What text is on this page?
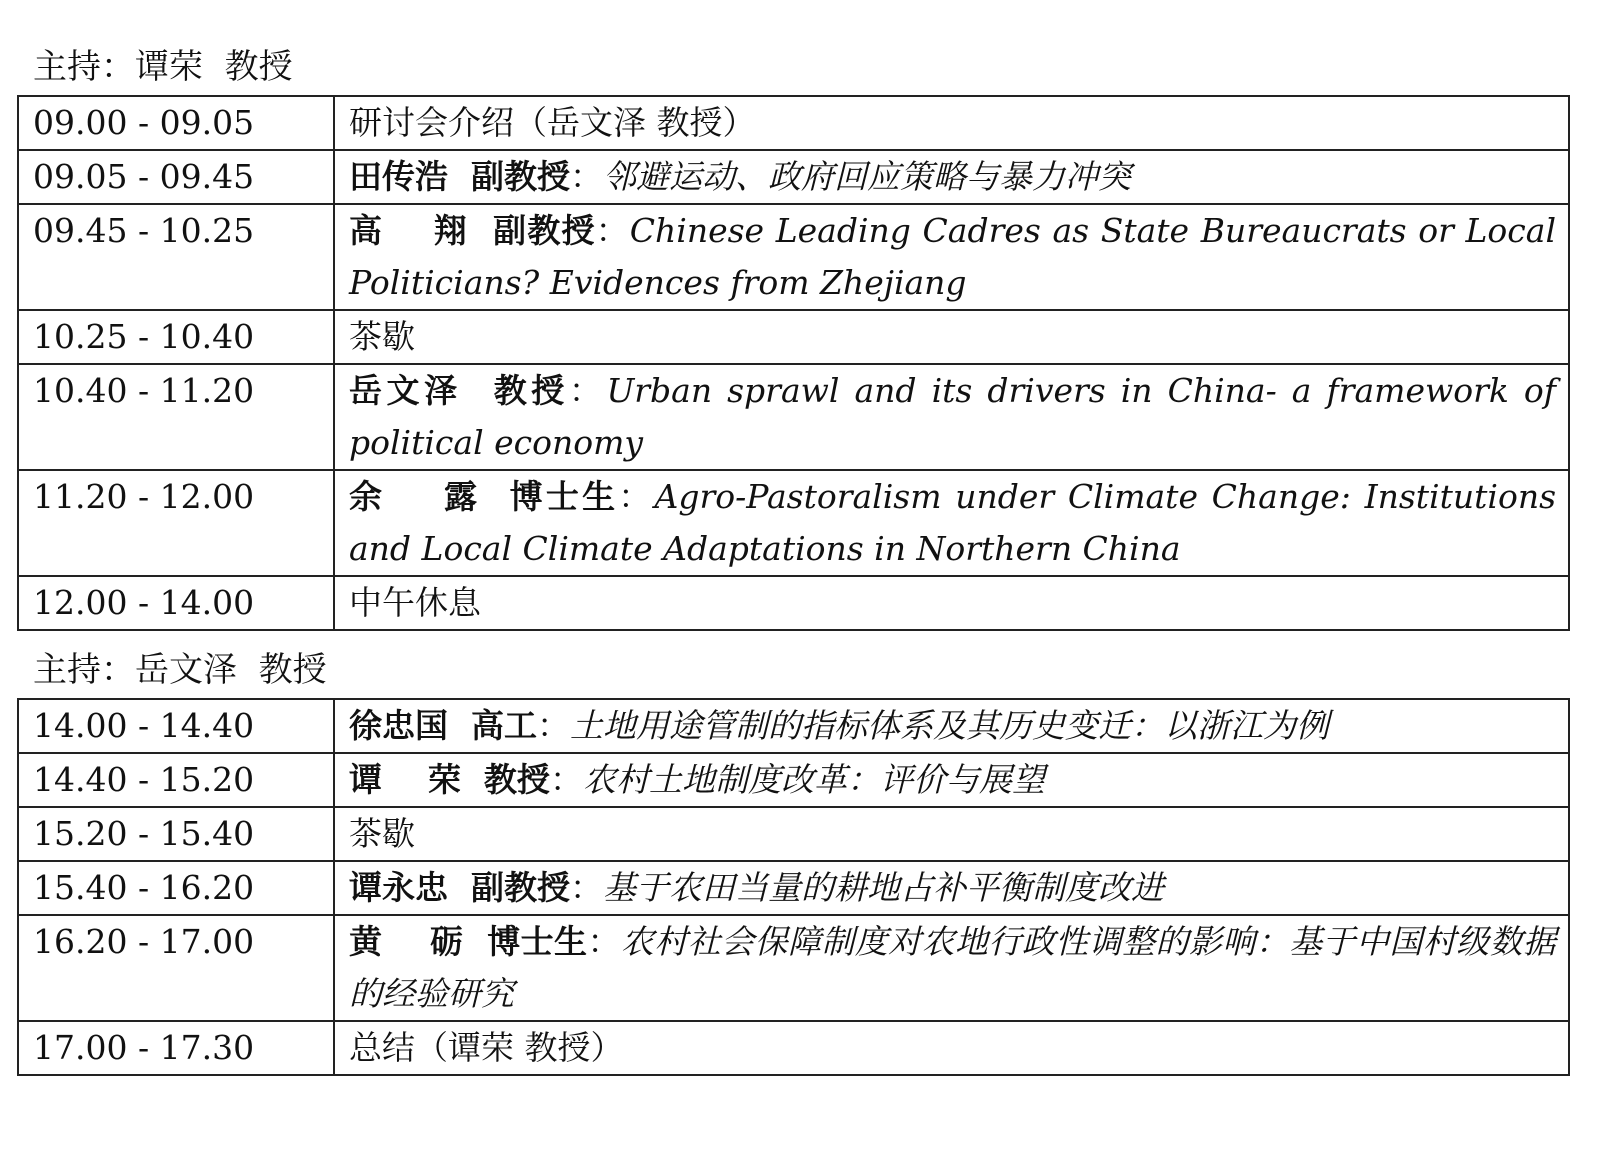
主持：谭荣  教授
09.00 - 09.05	研讨会介绍（岳文泽 教授）
09.05 - 09.45	田传浩  副教授：邻避运动、政府回应策略与暴力冲突
09.45 - 10.25	高    翔  副教授：Chinese Leading Cadres as State Bureaucrats or Local Politicians? Evidences from Zhejiang
10.25 - 10.40	茶歇
10.40 - 11.20	岳文泽  教授：Urban sprawl and its drivers in China- a framework of political economy
11.20 - 12.00	余    露  博士生：Agro-Pastoralism under Climate Change: Institutions and Local Climate Adaptations in Northern China
12.00 - 14.00	中午休息
主持：岳文泽  教授
14.00 - 14.40	徐忠国  高工：土地用途管制的指标体系及其历史变迁：以浙江为例
14.40 - 15.20	谭    荣  教授：农村土地制度改革：评价与展望
15.20 - 15.40	茶歇
15.40 - 16.20	谭永忠  副教授：基于农田当量的耕地占补平衡制度改进
16.20 - 17.00	黄    砺  博士生：农村社会保障制度对农地行政性调整的影响：基于中国村级数据的经验研究
17.00 - 17.30	总结（谭荣 教授）
